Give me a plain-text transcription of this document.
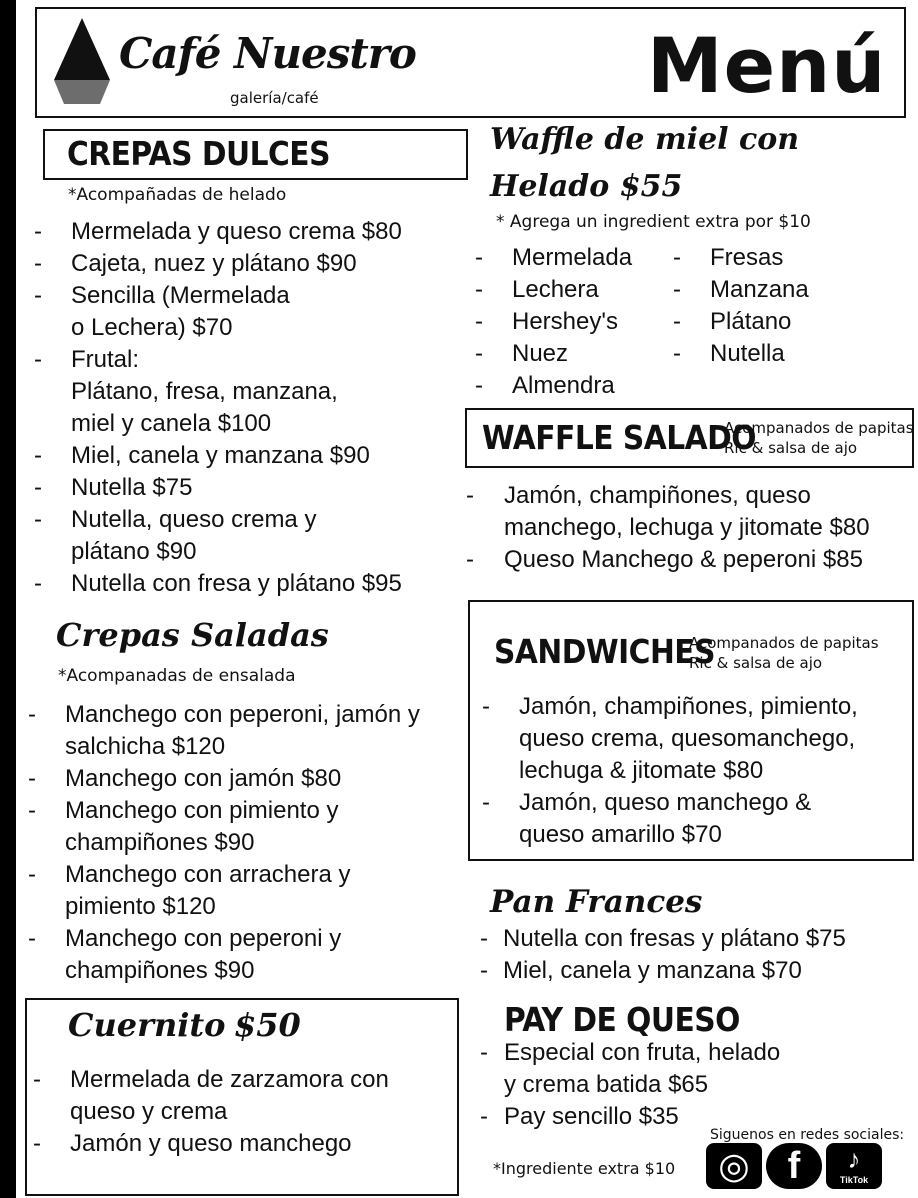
Café Nuestro
galería/café	Menú
CREPAS DULCES
*Acompañadas de helado
- Mermelada y queso crema $80
- Cajeta, nuez y plátano $90
- Sencilla (Mermelada
o Lechera) $70
- Frutal:
Plátano, fresa, manzana,
miel y canela $100
- Miel, canela y manzana $90
- Nutella $75
- Nutella, queso crema y
plátano $90
- Nutella con fresa y plátano $95
Crepas Saladas
*Acompanadas de ensalada
- Manchego con peperoni, jamón y
salchicha $120
- Manchego con jamón $80
- Manchego con pimiento y
champiñones $90
- Manchego con arrachera y
pimiento $120
- Manchego con peperoni y
champiñones $90
Cuernito $50
- Mermelada de zarzamora con
queso y crema
- Jamón y queso manchego
Waffle de miel con
Helado $55
* Agrega un ingredient extra por $10
- Mermelada
- Lechera
- Hershey's
- Nuez
- Almendra
- Fresas
- Manzana
- Plátano
- Nutella
WAFFLE SALADO
Acompanados de papitas
Ric & salsa de ajo
- Jamón, champiñones, queso
manchego, lechuga y jitomate $80
- Queso Manchego & peperoni $85
SANDWICHES
Acompanados de papitas
Ric & salsa de ajo
- Jamón, champiñones, pimiento,
queso crema, quesomanchego,
lechuga & jitomate $80
- Jamón, queso manchego &
queso amarillo $70
Pan Frances
- Nutella con fresas y plátano $75
- Miel, canela y manzana $70
PAY DE QUESO
- Especial con fruta, helado
y crema batida $65
- Pay sencillo $35
*Ingrediente extra $10
Siguenos en redes sociales:
◎ f	♪
TikTok
